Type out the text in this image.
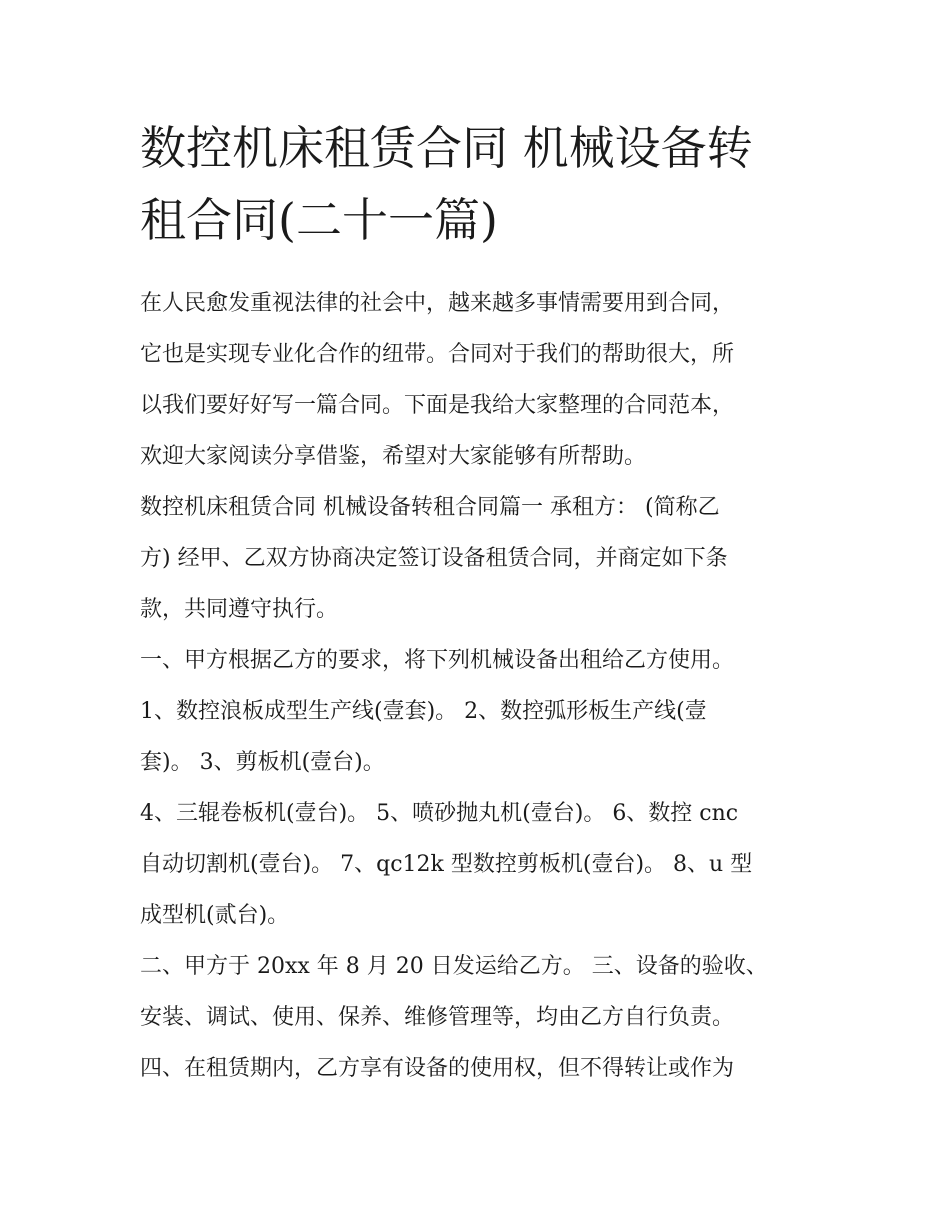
数控机床租赁合同 机械设备转
租合同(二十一篇)

在人民愈发重视法律的社会中，越来越多事情需要用到合同，
它也是实现专业化合作的纽带。合同对于我们的帮助很大，所
以我们要好好写一篇合同。下面是我给大家整理的合同范本，
欢迎大家阅读分享借鉴，希望对大家能够有所帮助。

数控机床租赁合同 机械设备转租合同篇一 承租方： (简称乙
方) 经甲、乙双方协商决定签订设备租赁合同，并商定如下条
款，共同遵守执行。

一、甲方根据乙方的要求，将下列机械设备出租给乙方使用。

1、数控浪板成型生产线(壹套)。 2、数控弧形板生产线(壹
套)。 3、剪板机(壹台)。

4、三辊卷板机(壹台)。 5、喷砂抛丸机(壹台)。 6、数控 cnc
自动切割机(壹台)。 7、qc12k 型数控剪板机(壹台)。 8、u 型
成型机(贰台)。

二、甲方于 20xx 年 8 月 20 日发运给乙方。 三、设备的验收、
安装、调试、使用、保养、维修管理等，均由乙方自行负责。

四、在租赁期内，乙方享有设备的使用权，但不得转让或作为
